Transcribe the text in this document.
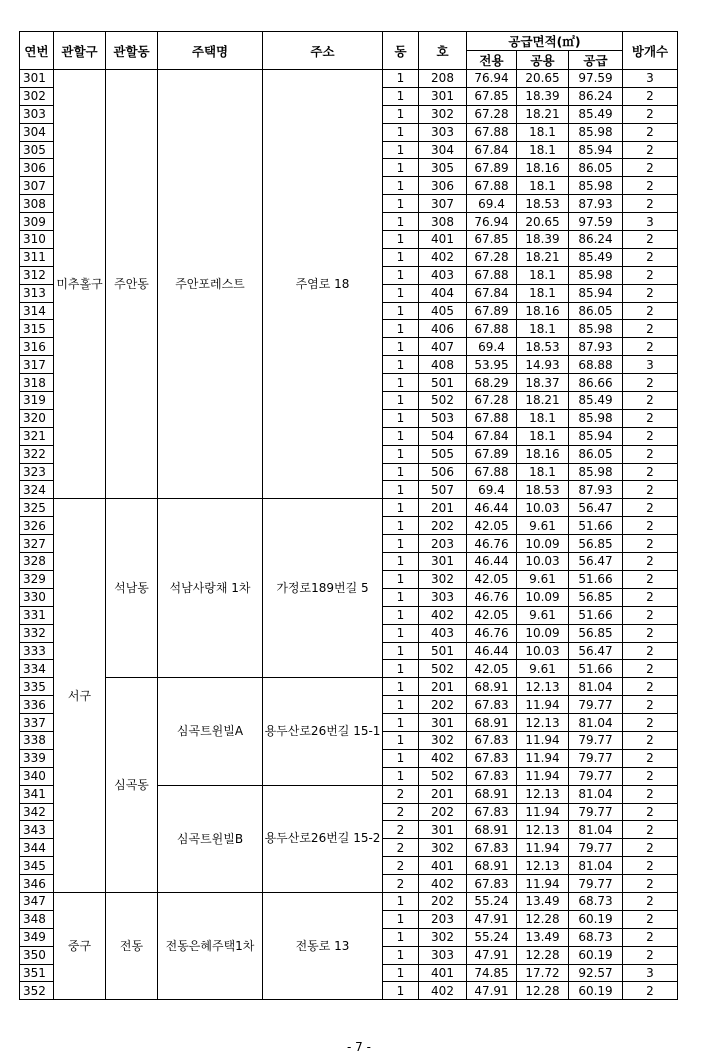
연번	관할구	관할동	주택명	주소	동	호	공급면적(㎡)			방개수
							전용	공용	공급	
301	미추홀구	주안동	주안포레스트	주염로 18	1	208	76.94	20.65	97.59	3
302					1	301	67.85	18.39	86.24	2
303					1	302	67.28	18.21	85.49	2
304					1	303	67.88	18.1	85.98	2
305					1	304	67.84	18.1	85.94	2
306					1	305	67.89	18.16	86.05	2
307					1	306	67.88	18.1	85.98	2
308					1	307	69.4	18.53	87.93	2
309					1	308	76.94	20.65	97.59	3
310					1	401	67.85	18.39	86.24	2
311					1	402	67.28	18.21	85.49	2
312					1	403	67.88	18.1	85.98	2
313					1	404	67.84	18.1	85.94	2
314					1	405	67.89	18.16	86.05	2
315					1	406	67.88	18.1	85.98	2
316					1	407	69.4	18.53	87.93	2
317					1	408	53.95	14.93	68.88	3
318					1	501	68.29	18.37	86.66	2
319					1	502	67.28	18.21	85.49	2
320					1	503	67.88	18.1	85.98	2
321					1	504	67.84	18.1	85.94	2
322					1	505	67.89	18.16	86.05	2
323					1	506	67.88	18.1	85.98	2
324					1	507	69.4	18.53	87.93	2
325	서구	석남동	석남사랑채 1차	가정로189번길 5	1	201	46.44	10.03	56.47	2
326					1	202	42.05	9.61	51.66	2
327					1	203	46.76	10.09	56.85	2
328					1	301	46.44	10.03	56.47	2
329					1	302	42.05	9.61	51.66	2
330					1	303	46.76	10.09	56.85	2
331					1	402	42.05	9.61	51.66	2
332					1	403	46.76	10.09	56.85	2
333					1	501	46.44	10.03	56.47	2
334					1	502	42.05	9.61	51.66	2
335		심곡동	심곡트윈빌A	용두산로26번길 15-1	1	201	68.91	12.13	81.04	2
336					1	202	67.83	11.94	79.77	2
337					1	301	68.91	12.13	81.04	2
338					1	302	67.83	11.94	79.77	2
339					1	402	67.83	11.94	79.77	2
340					1	502	67.83	11.94	79.77	2
341			심곡트윈빌B	용두산로26번길 15-2	2	201	68.91	12.13	81.04	2
342					2	202	67.83	11.94	79.77	2
343					2	301	68.91	12.13	81.04	2
344					2	302	67.83	11.94	79.77	2
345					2	401	68.91	12.13	81.04	2
346					2	402	67.83	11.94	79.77	2
347	중구	전동	전동은혜주택1차	전동로 13	1	202	55.24	13.49	68.73	2
348					1	203	47.91	12.28	60.19	2
349					1	302	55.24	13.49	68.73	2
350					1	303	47.91	12.28	60.19	2
351					1	401	74.85	17.72	92.57	3
352					1	402	47.91	12.28	60.19	2
- 7 -
